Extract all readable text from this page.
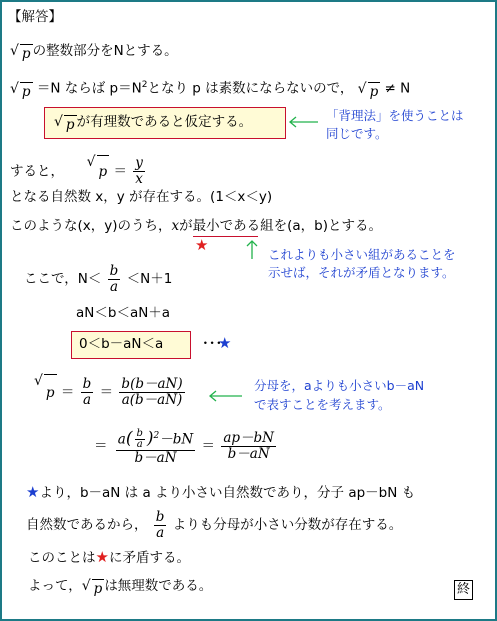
【解答】
√ p の整数部分をNとする。
√ p ＝N ならば $p=N^2$となり p は素数にならないので， √ p ≠ N
√ p が有理数であると仮定する。	「背理法」を使うことは
同じです。
すると，
√
$p = \frac{y}{x}$
となる自然数 x，y が存在する。(1＜x＜y)
このような(x，y)のうち，xが最小である組を(a，b)とする。
★
これよりも小さい組があることを
示せば，それが矛盾となります。
ここで，$N< \frac{b}{a} <N+1$
aN＜b＜aN＋a
0＜b－aN＜a	･･･
★
√
$p = \frac{b}{a} = \frac{b(b-aN)}{a(b-aN)}$	分母を，aよりも小さいb－aN
で表すことを考えます。
＝ $\frac{a( \frac{b}{a} )^2-bN}{b-aN} = \frac{ap-bN}{b-aN}$
★より，b－aN は a より小さい自然数であり，分子 ap－bN も
自然数であるから， $\frac{b}{a}$ よりも分母が小さい分数が存在する。
このことは★に矛盾する。
よって， √ p は無理数である。	終
